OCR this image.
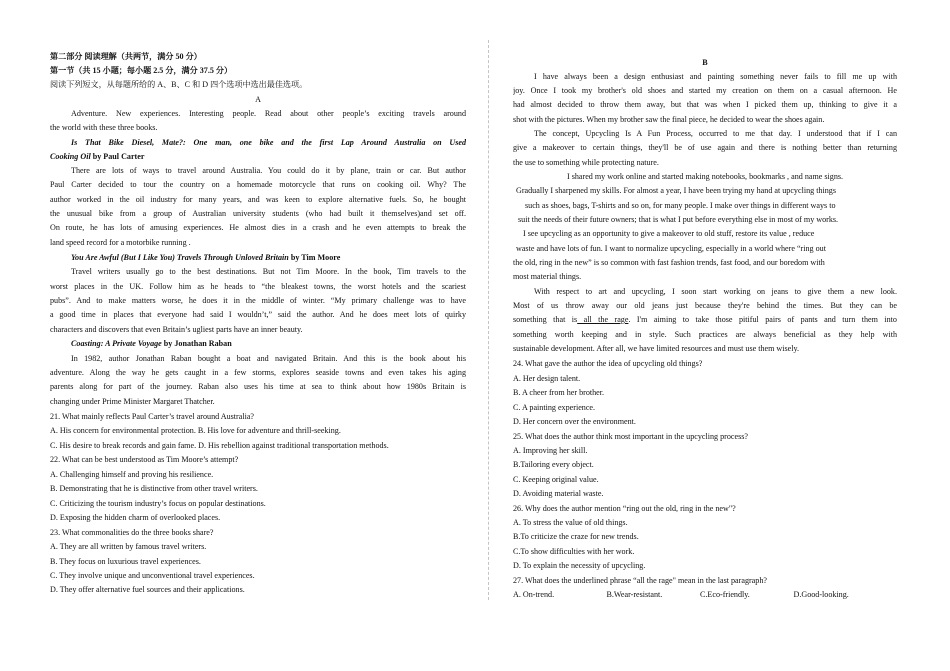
第二部分 阅读理解（共两节，满分 50 分）
第一节（共 15 小题；每小题 2.5 分，满分 37.5 分）
阅读下列短文，从每题所给的 A、B、C 和 D 四个选项中选出最佳选项。
A
Adventure. New experiences. Interesting people. Read about other people’s exciting travels around
the world with these three books.
Is That Bike Diesel, Mate?: One man, one bike and the first Lap Around Australia on Used
Cooking Oil by Paul Carter
There are lots of ways to travel around Australia. You could do it by plane, train or car. But author
Paul Carter decided to tour the country on a homemade motorcycle that runs on cooking oil. Why? The
author worked in the oil industry for many years, and was keen to explore alternative fuels. So, he bought
the unusual bike from a group of Australian university students (who had built it themselves)and set off.
On route, he has lots of amusing experiences. He almost dies in a crash and he even attempts to break the
land speed record for a motorbike running .
You Are Awful (But I Like You) Travels Through Unloved Britain by Tim Moore
Travel writers usually go to the best destinations. But not Tim Moore. In the book, Tim travels to the
worst places in the UK. Follow him as he heads to “the bleakest towns, the worst hotels and the scariest
pubs”. And to make matters worse, he does it in the middle of winter. “My primary challenge was to have
a good time in places that everyone had said I wouldn’t,” said the author. And he does meet lots of quirky
characters and discovers that even Britain’s ugliest parts have an inner beauty.
Coasting: A Private Voyage by Jonathan Raban
In 1982, author Jonathan Raban bought a boat and navigated Britain. And this is the book about his
adventure. Along the way he gets caught in a few storms, explores seaside towns and even takes his aging
parents along for part of the journey. Raban also uses his time at sea to think about how 1980s Britain is
changing under Prime Minister Margaret Thatcher.
21. What mainly reflects Paul Carter’s travel around Australia?
A. His concern for environmental protection. B. His love for adventure and thrill-seeking.
C. His desire to break records and gain fame. D. His rebellion against traditional transportation methods.
22. What can be best understood as Tim Moore’s attempt?
A. Challenging himself and proving his resilience.
B. Demonstrating that he is distinctive from other travel writers.
C. Criticizing the tourism industry’s focus on popular destinations.
D. Exposing the hidden charm of overlooked places.
23. What commonalities do the three books share?
A. They are all written by famous travel writers.
B. They focus on luxurious travel experiences.
C. They involve unique and unconventional travel experiences.
D. They offer alternative fuel sources and their applications.
B
I have always been a design enthusiast and painting something never fails to fill me up with
joy. Once I took my brother's old shoes and started my creation on them on a casual afternoon. He
had almost decided to throw them away, but that was when I picked them up, thinking to give it a
shot with the pictures. When my brother saw the final piece, he decided to wear the shoes again.
The concept, Upcycling Is A Fun Process, occurred to me that day. I understood that if I can
give a makeover to certain things, they'll be of use again and there is nothing better than returning
the use to something while protecting nature.
I shared my work online and started making notebooks, bookmarks , and name signs.
Gradually I sharpened my skills. For almost a year, I have been trying my hand at upcycling things
such as shoes, bags, T-shirts and so on, for many people. I make over things in different ways to
suit the needs of their future owners; that is what I put before everything else in most of my works.
I see upcycling as an opportunity to give a makeover to old stuff, restore its value , reduce
waste and have lots of fun. I want to normalize upcycling, especially in a world where “ring out
the old, ring in the new” is so common with fast fashion trends, fast food, and our boredom with
most material things.
With respect to art and upcycling, I soon start working on jeans to give them a new look.
Most of us throw away our old jeans just because they're behind the times. But they can be
something that is all the rage. I'm aiming to take those pitiful pairs of pants and turn them into
something worth keeping and in style. Such practices are always beneficial as they help with
sustainable development. After all, we have limited resources and must use them wisely.
24. What gave the author the idea of upcycling old things?
A. Her design talent.
B. A cheer from her brother.
C. A painting experience.
D. Her concern over the environment.
25. What does the author think most important in the upcycling process?
A. Improving her skill.
B.Tailoring every object.
C. Keeping original value.
D. Avoiding material waste.
26. Why does the author mention “ring out the old, ring in the new"?
A. To stress the value of old things.
B.To criticize the craze for new trends.
C.To show difficulties with her work.
D. To explain the necessity of upcycling.
27. What does the underlined phrase “all the rage" mean in the last paragraph?
A. On-trend.	B.Wear-resistant.	C.Eco-friendly.	D.Good-looking.
